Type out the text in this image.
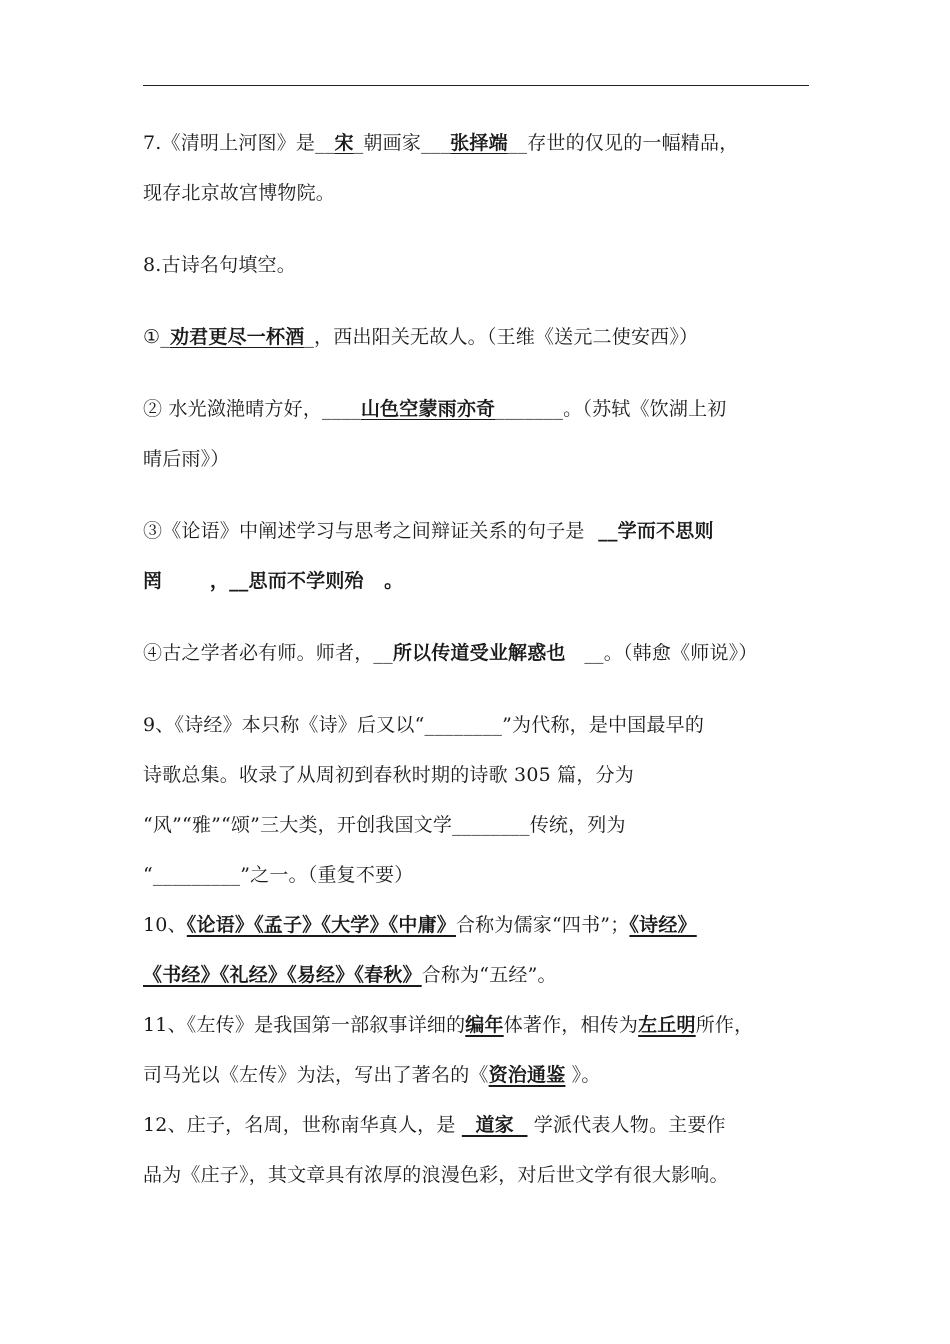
7.《清明上河图》是__宋_朝画家___张择端__存世的仅见的一幅精品，
现存北京故宫博物院。
8.古诗名句填空。
①_劝君更尽一杯酒_，西出阳关无故人。（王维《送元二使安西》）
② 水光潋滟晴方好，____山色空蒙雨亦奇_______。（苏轼《饮湖上初
晴后雨》）
③《论语》中阐述学习与思考之间辩证关系的句子是  __学而不思则
罔       ，__思而不学则殆   。
④古之学者必有师。师者，__所以传道受业解惑也   __。（韩愈《师说》）
9、《诗经》本只称《诗》后又以“________”为代称，是中国最早的
诗歌总集。收录了从周初到春秋时期的诗歌 305 篇，分为
“风”“雅”“颂”三大类，开创我国文学________传统，列为
“_________”之一。（重复不要）
10、《论语》《孟子》《大学》《中庸》合称为儒家“四书”；《诗经》
《书经》《礼经》《易经》《春秋》合称为“五经”。
11、《左传》是我国第一部叙事详细的编年体著作，相传为左丘明所作，
司马光以《左传》为法，写出了著名的《资治通鉴 》。
12、庄子，名周，世称南华真人，是   道家   学派代表人物。主要作
品为《庄子》，其文章具有浓厚的浪漫色彩，对后世文学有很大影响。
